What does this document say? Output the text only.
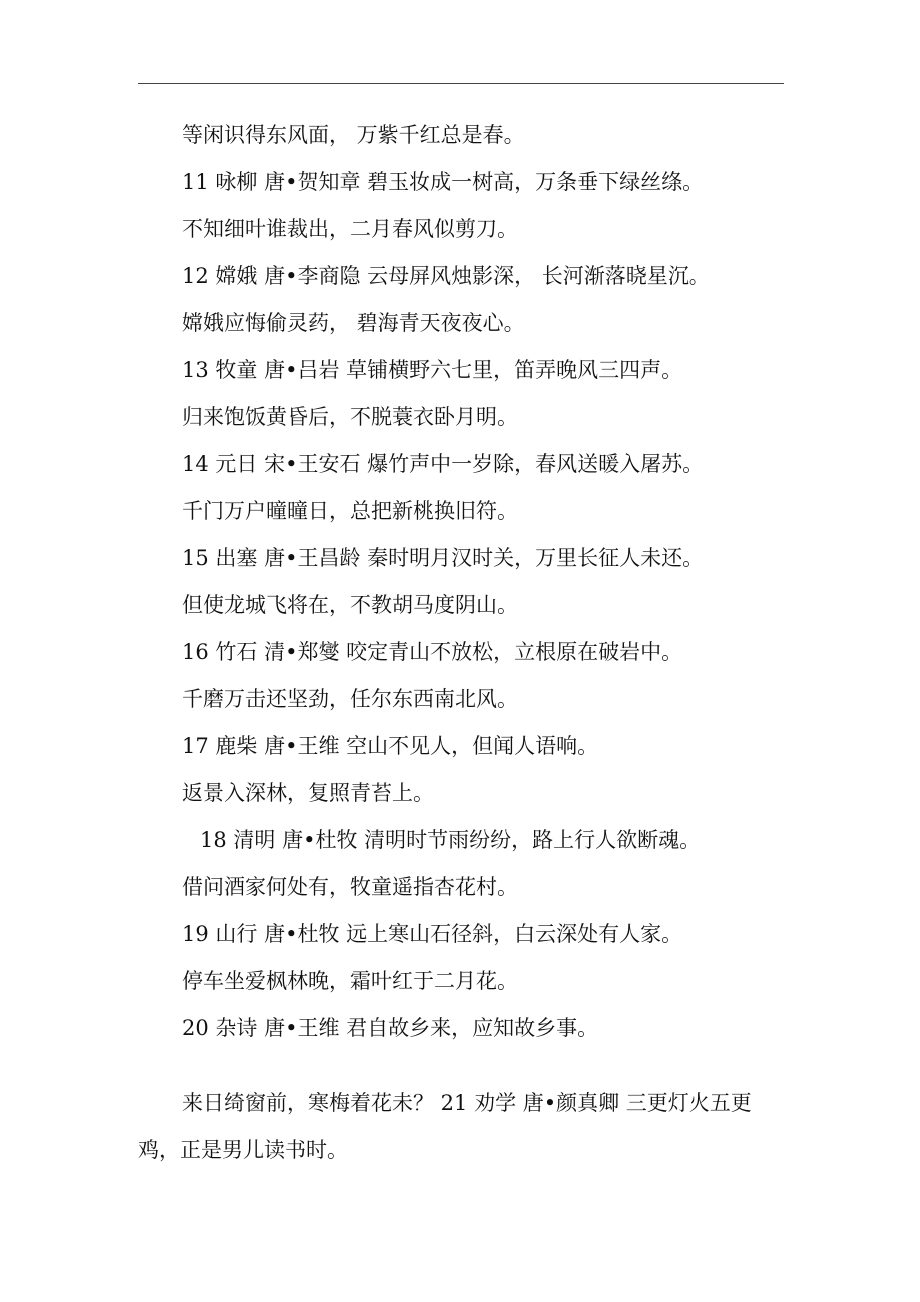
等闲识得东风面， 万紫千红总是春。
11 咏柳 唐•贺知章 碧玉妆成一树高，万条垂下绿丝绦。
不知细叶谁裁出，二月春风似剪刀。
12 嫦娥 唐•李商隐 云母屏风烛影深， 长河渐落晓星沉。
嫦娥应悔偷灵药， 碧海青天夜夜心。
13 牧童 唐•吕岩 草铺横野六七里，笛弄晚风三四声。
归来饱饭黄昏后，不脱蓑衣卧月明。
14 元日 宋•王安石 爆竹声中一岁除，春风送暖入屠苏。
千门万户曈曈日，总把新桃换旧符。
15 出塞 唐•王昌龄 秦时明月汉时关，万里长征人未还。
但使龙城飞将在，不教胡马度阴山。
16 竹石 清•郑燮 咬定青山不放松，立根原在破岩中。
千磨万击还坚劲，任尔东西南北风。
17 鹿柴 唐•王维 空山不见人，但闻人语响。
返景入深林，复照青苔上。
18 清明 唐•杜牧 清明时节雨纷纷，路上行人欲断魂。
借问酒家何处有，牧童遥指杏花村。
19 山行 唐•杜牧 远上寒山石径斜，白云深处有人家。
停车坐爱枫林晚，霜叶红于二月花。
20 杂诗 唐•王维 君自故乡来，应知故乡事。
来日绮窗前，寒梅着花未？ 21 劝学 唐•颜真卿 三更灯火五更鸡，正是男儿读书时。
